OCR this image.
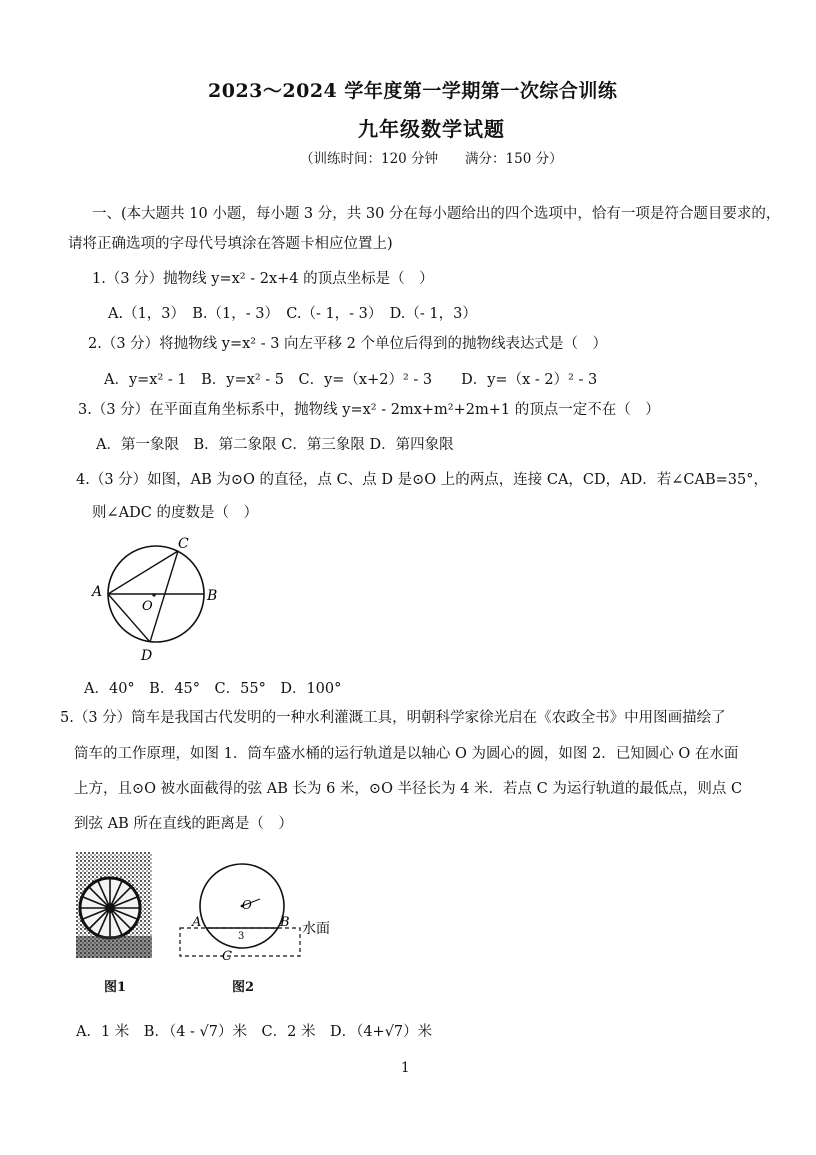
2023～2024 学年度第一学期第一次综合训练
九年级数学试题
（训练时间：120 分钟　　满分：150 分）
一、(本大题共 10 小题，每小题 3 分，共 30 分在每小题给出的四个选项中，恰有一项是符合题目要求的，
请将正确选项的字母代号填涂在答题卡相应位置上)
1.（3 分）抛物线 y=x² - 2x+4 的顶点坐标是（　）
A.（1，3）　B.（1，- 3）　C.（- 1，- 3）　D.（- 1，3）
2.（3 分）将抛物线 y=x² - 3 向左平移 2 个单位后得到的抛物线表达式是（　）
A．y=x² - 1　B．y=x² - 5　C．y=（x+2）² - 3　　D．y=（x - 2）² - 3
3.（3 分）在平面直角坐标系中，抛物线 y=x² - 2mx+m²+2m+1 的顶点一定不在（　）
A．第一象限　B．第二象限 C．第三象限 D．第四象限
4.（3 分）如图，AB 为⊙O 的直径，点 C、点 D 是⊙O 上的两点，连接 CA，CD，AD．若∠CAB=35°，
则∠ADC 的度数是（　）
A	B
C
D
O
A．40°　B．45°　C．55°　D．100°
5.（3 分）筒车是我国古代发明的一种水利灌溉工具，明朝科学家徐光启在《农政全书》中用图画描绘了
筒车的工作原理，如图 1．筒车盛水桶的运行轨道是以轴心 O 为圆心的圆，如图 2．已知圆心 O 在水面
上方，且⊙O 被水面截得的弦 AB 长为 6 米，⊙O 半径长为 4 米．若点 C 为运行轨道的最低点，则点 C
到弦 AB 所在直线的距离是（　）
图1
O
A	B
C
3	水面
图2
A．1 米　B．（4 - √7）米　C．2 米　D．（4+√7）米
1
